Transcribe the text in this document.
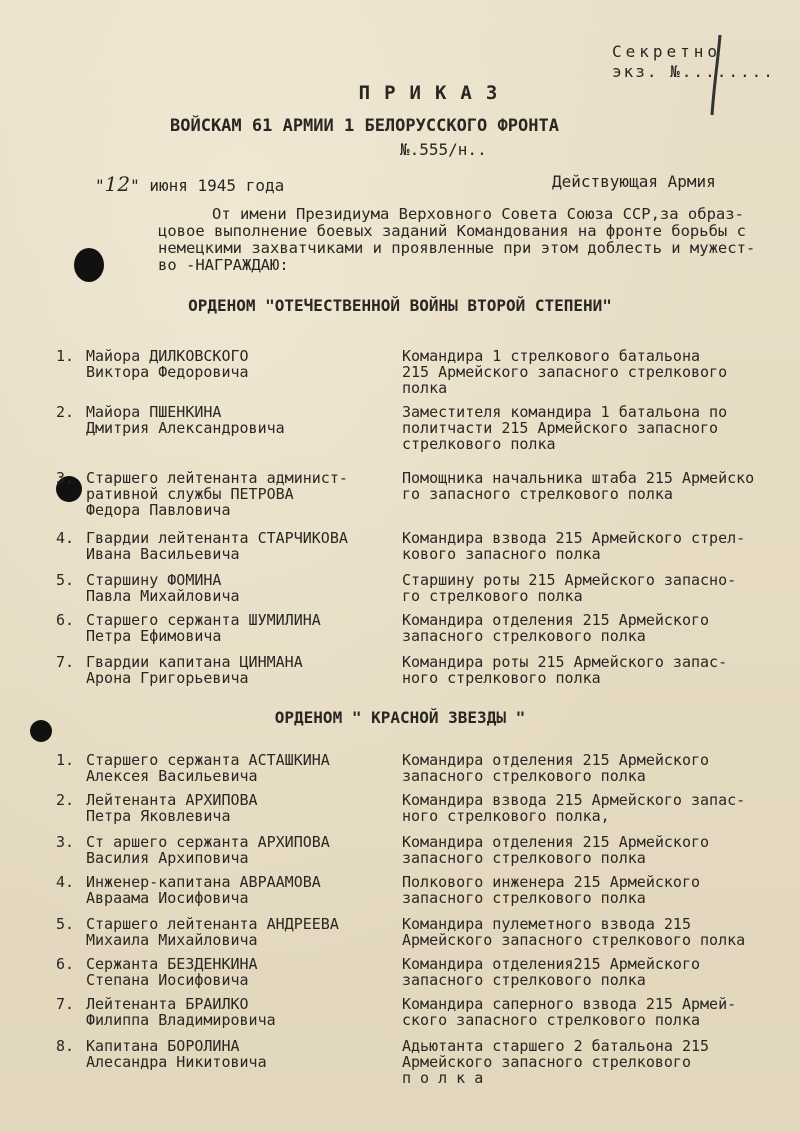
Секретно
экз. №........
ПРИКАЗ
ВОЙСКАМ 61 АРМИИ 1 БЕЛОРУССКОГО ФРОНТА
№.555/н..
"12" июня 1945 года	Действующая Армия
От имени Президиума Верховного Совета Союза ССР,за образ-
цовое выполнение боевых заданий Командования на фронте борьбы с
немецкими захватчиками и проявленные при этом доблесть и мужест-
во -НАГРАЖДАЮ:
ОРДЕНОМ "ОТЕЧЕСТВЕННОЙ ВОЙНЫ ВТОРОЙ СТЕПЕНИ"
1. Майора ДИЛКОВСКОГО
Виктора Федоровича
Командира 1 стрелкового батальона
215 Армейского запасного стрелкового
полка
2. Майора ПШЕНКИНА
Дмитрия Александровича
Заместителя командира 1 батальона по
политчасти 215 Армейского запасного
стрелкового полка
3. Старшего лейтенанта админист-
ративной службы ПЕТРОВА
Федора Павловича
Помощника начальника штаба 215 Армейско
го запасного стрелкового полка
4. Гвардии лейтенанта СТАРЧИКОВА
Ивана Васильевича
Командира взвода 215 Армейского стрел-
кового запасного полка
5. Старшину ФОМИНА
Павла Михайловича
Старшину роты 215 Армейского запасно-
го стрелкового полка
6. Старшего сержанта ШУМИЛИНА
Петра Ефимовича
Командира отделения 215 Армейского
запасного стрелкового полка
7. Гвардии капитана ЦИНМАНА
Арона Григорьевича
Командира роты 215 Армейского запас-
ного стрелкового полка
ОРДЕНОМ " КРАСНОЙ ЗВЕЗДЫ "
1. Старшего сержанта АСТАШКИНА
Алексея Васильевича
Командира отделения 215 Армейского
запасного стрелкового полка
2. Лейтенанта АРХИПОВА
Петра Яковлевича
Командира взвода 215 Армейского запас-
ного стрелкового полка,
3. Ст аршего сержанта АРХИПОВА
Василия Архиповича
Командира отделения 215 Армейского
запасного стрелкового полка
4. Инженер-капитана АВРААМОВА
Авраама Иосифовича
Полкового инженера 215 Армейского
запасного стрелкового полка
5. Старшего лейтенанта АНДРЕЕВА
Михаила Михайловича
Командира пулеметного взвода 215
Армейского запасного стрелкового полка
6. Сержанта БЕЗДЕНКИНА
Степана Иосифовича
Командира отделения215 Армейского
запасного стрелкового полка
7. Лейтенанта БРАИЛКО
Филиппа Владимировича
Командира саперного взвода 215 Армей-
ского запасного стрелкового полка
8. Капитана БОРОЛИНА
Алесандра Никитовича
Адьютанта старшего 2 батальона 215
Армейского запасного стрелкового
п о л к а
